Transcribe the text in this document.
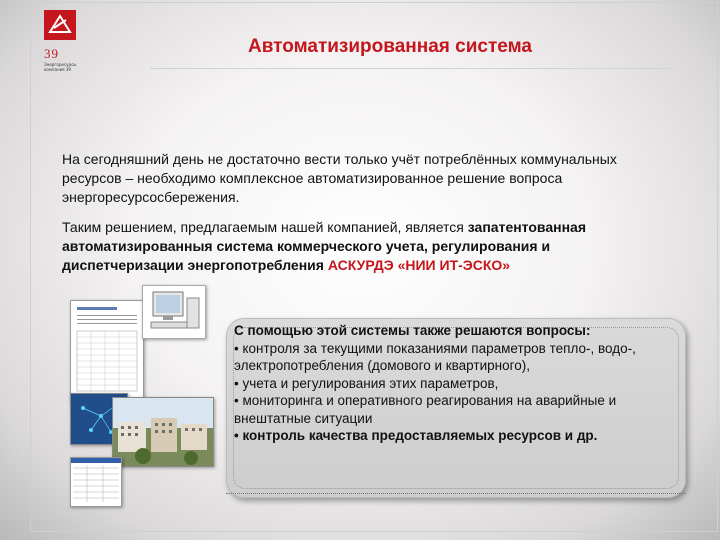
39
Энергоресурсы компания 39
Автоматизированная система
На сегодняшний день не достаточно вести только учёт потреблённых коммунальных ресурсов – необходимо комплексное автоматизированное решение вопроса энергоресурсосбережения.
Таким решением, предлагаемым нашей компанией, является запатентованная автоматизированныя система коммерческого учета, регулирования и диспетчеризации энергопотребления АСКУРДЭ «НИИ ИТ-ЭСКО»
С помощью этой системы также решаются вопросы:
• контроля за текущими показаниями параметров тепло-, водо-, электропотребления (домового и квартирного),
• учета и регулирования этих параметров,
• мониторинга и оперативного реагирования на аварийные и внештатные ситуации
• контроль качества предоставляемых ресурсов и др.
